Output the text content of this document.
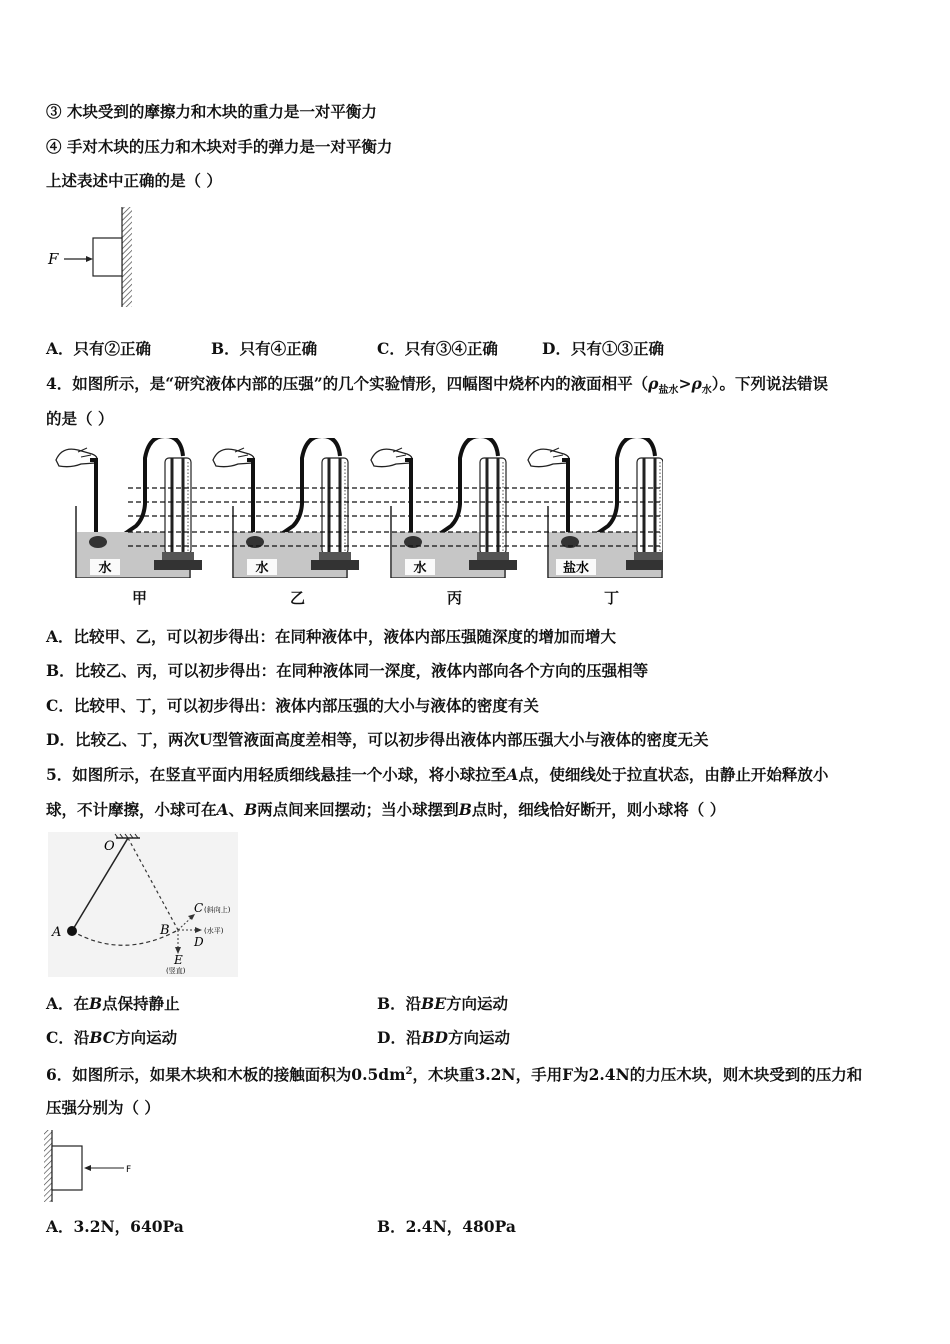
③ 木块受到的摩擦力和木块的重力是一对平衡力
④ 手对木块的压力和木块对手的弹力是一对平衡力
上述表述中正确的是（ ）
F
A．只有②正确	B．只有④正确	C．只有③④正确	D．只有①③正确
4．如图所示，是“研究液体内部的压强”的几个实验情形，四幅图中烧杯内的液面相平$(\rho_{盐水}>\rho_水)$。下列说法错误
的是（ ）
水	水	水	盐水
甲	乙	丙	丁
A．比较甲、乙，可以初步得出：在同种液体中，液体内部压强随深度的增加而增大
B．比较乙、丙，可以初步得出：在同种液体同一深度，液体内部向各个方向的压强相等
C．比较甲、丁，可以初步得出：液体内部压强的大小与液体的密度有关
D．比较乙、丁，两次U型管液面高度差相等，可以初步得出液体内部压强大小与液体的密度无关
5．如图所示，在竖直平面内用轻质细线悬挂一个小球，将小球拉至A点，使细线处于拉直状态，由静止开始释放小
球，不计摩擦，小球可在A、B两点间来回摆动；当小球摆到B点时，细线恰好断开，则小球将（ ）
O
A	B
C (斜向上)
D
(水平)
E
(竖直)
A．在B点保持静止	B．沿BE方向运动
C．沿BC方向运动	D．沿BD方向运动
6．如图所示，如果木块和木板的接触面积为$0.5dm^2$，木块重3.2N，手用F为2.4N的力压木块，则木块受到的压力和
压强分别为（ ）
F
A．3.2N，640Pa	B．2.4N，480Pa
